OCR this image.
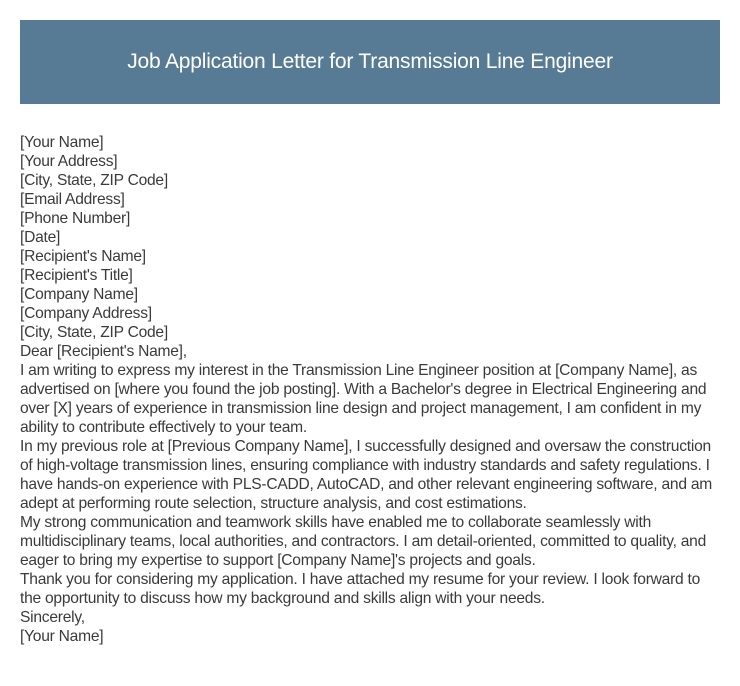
Job Application Letter for Transmission Line Engineer
[Your Name]
[Your Address]
[City, State, ZIP Code]
[Email Address]
[Phone Number]
[Date]
[Recipient's Name]
[Recipient's Title]
[Company Name]
[Company Address]
[City, State, ZIP Code]

Dear [Recipient's Name],

I am writing to express my interest in the Transmission Line Engineer position at [Company Name], as advertised on [where you found the job posting]. With a Bachelor's degree in Electrical Engineering and over [X] years of experience in transmission line design and project management, I am confident in my ability to contribute effectively to your team.

In my previous role at [Previous Company Name], I successfully designed and oversaw the construction of high-voltage transmission lines, ensuring compliance with industry standards and safety regulations. I have hands-on experience with PLS-CADD, AutoCAD, and other relevant engineering software, and am adept at performing route selection, structure analysis, and cost estimations.

My strong communication and teamwork skills have enabled me to collaborate seamlessly with multidisciplinary teams, local authorities, and contractors. I am detail-oriented, committed to quality, and eager to bring my expertise to support [Company Name]'s projects and goals.

Thank you for considering my application. I have attached my resume for your review. I look forward to the opportunity to discuss how my background and skills align with your needs.

Sincerely,

[Your Name]
